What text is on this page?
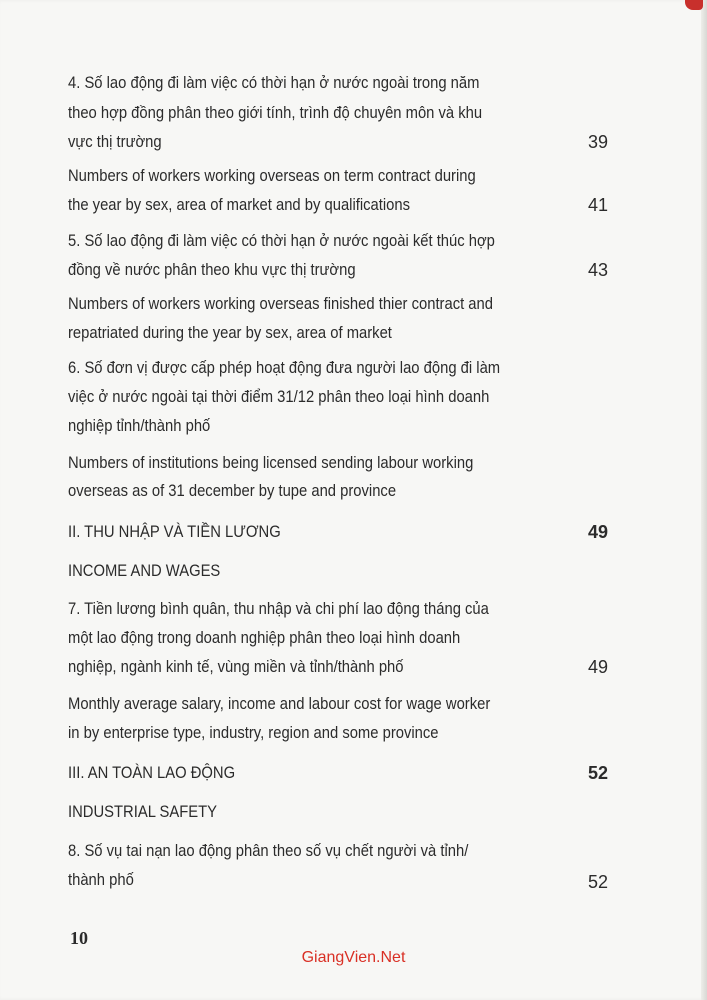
4. Số lao động đi làm việc có thời hạn ở nước ngoài trong năm
theo hợp đồng phân theo giới tính, trình độ chuyên môn và khu
vực thị trường	39
Numbers of workers working overseas on term contract during
the year by sex, area of market and by qualifications	41
5. Số lao động đi làm việc có thời hạn ở nước ngoài kết thúc hợp
đồng về nước phân theo khu vực thị trường	43
Numbers of workers working overseas finished thier contract and
repatriated during the year by sex, area of market
6. Số đơn vị được cấp phép hoạt động đưa người lao động đi làm
việc ở nước ngoài tại thời điểm 31/12 phân theo loại hình doanh
nghiệp tỉnh/thành phố
Numbers of institutions being licensed sending labour working
overseas as of 31 december by tupe and province
II. THU NHẬP VÀ TIỀN LƯƠNG	49
INCOME AND WAGES
7. Tiền lương bình quân, thu nhập và chi phí lao động tháng của
một lao động trong doanh nghiệp phân theo loại hình doanh
nghiệp, ngành kinh tế, vùng miền và tỉnh/thành phố	49
Monthly average salary, income and labour cost for wage worker
in by enterprise type, industry, region and some province
III. AN TOÀN LAO ĐỘNG	52
INDUSTRIAL SAFETY
8. Số vụ tai nạn lao động phân theo số vụ chết người và tỉnh/
thành phố	52
10
GiangVien.Net
